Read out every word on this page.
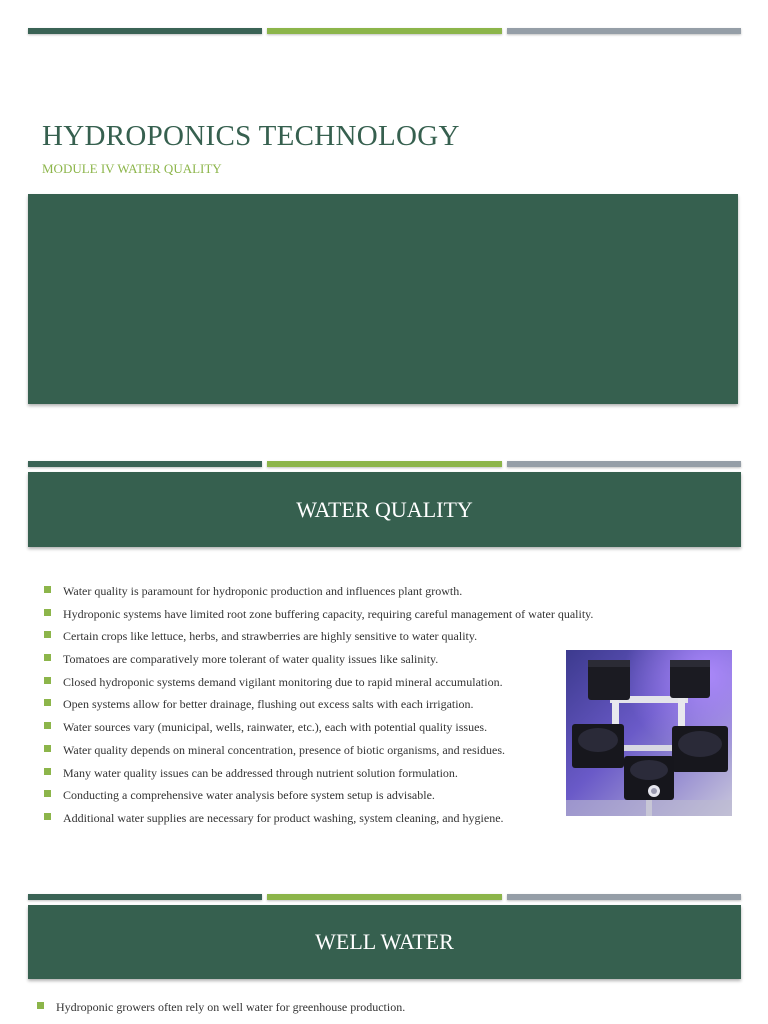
HYDROPONICS TECHNOLOGY
MODULE IV WATER QUALITY
WATER QUALITY
Water quality is paramount for hydroponic production and influences plant growth.
Hydroponic systems have limited root zone buffering capacity, requiring careful management of water quality.
Certain crops like lettuce, herbs, and strawberries are highly sensitive to water quality.
Tomatoes are comparatively more tolerant of water quality issues like salinity.
Closed hydroponic systems demand vigilant monitoring due to rapid mineral accumulation.
Open systems allow for better drainage, flushing out excess salts with each irrigation.
Water sources vary (municipal, wells, rainwater, etc.), each with potential quality issues.
Water quality depends on mineral concentration, presence of biotic organisms, and residues.
Many water quality issues can be addressed through nutrient solution formulation.
Conducting a comprehensive water analysis before system setup is advisable.
Additional water supplies are necessary for product washing, system cleaning, and hygiene.
WELL WATER
Hydroponic growers often rely on well water for greenhouse production.
